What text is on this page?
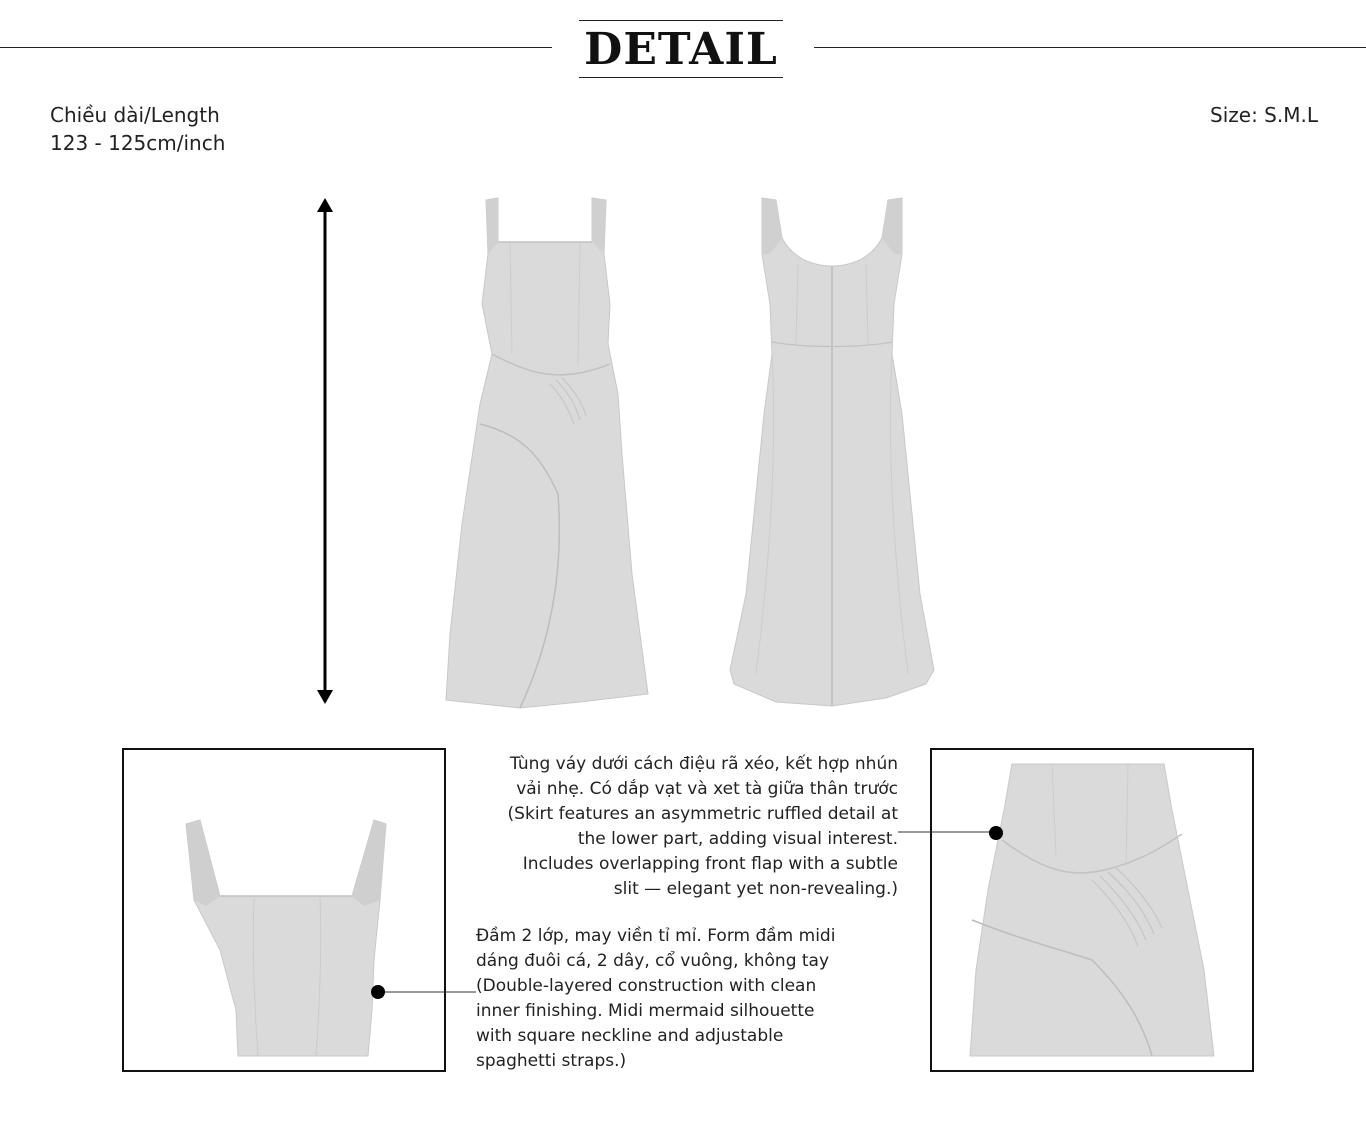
DETAIL
Chiều dài/Length
123 - 125cm/inch
Size: S.M.L
Tùng váy dưới cách điệu rã xéo, kết hợp nhún
vải nhẹ. Có dắp vạt và xet tà giữa thân trước
(Skirt features an asymmetric ruffled detail at
the lower part, adding visual interest.
Includes overlapping front flap with a subtle
slit — elegant yet non-revealing.)
Đầm 2 lớp, may viền tỉ mỉ. Form đầm midi
dáng đuôi cá, 2 dây, cổ vuông, không tay
(Double-layered construction with clean
inner finishing. Midi mermaid silhouette
with square neckline and adjustable
spaghetti straps.)
